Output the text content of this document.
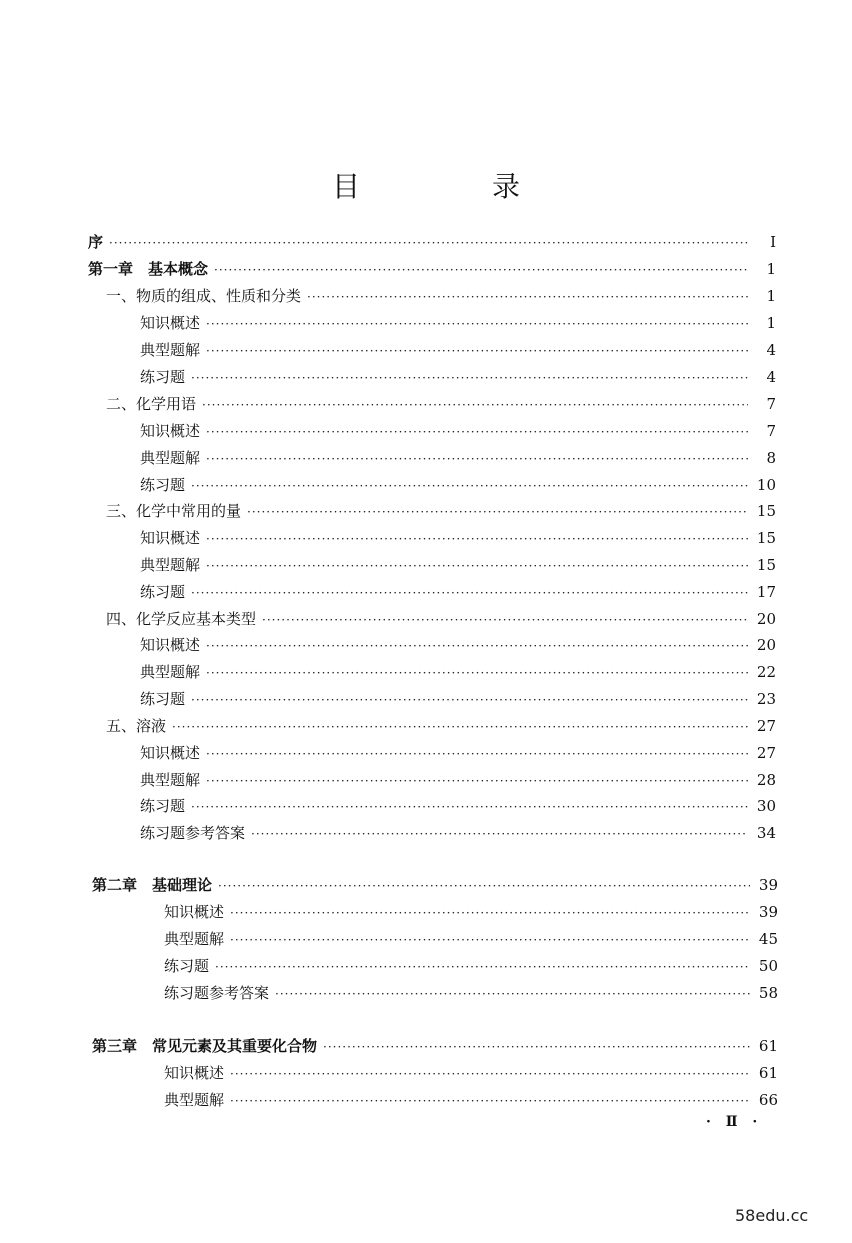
目　录
序 ·····	I
第一章　基本概念 ·····	1
一、物质的组成、性质和分类 ·····	1
知识概述 ·····	1
典型题解 ·····	4
练习题 ·····	4
二、化学用语 ·····	7
知识概述 ·····	7
典型题解 ·····	8
练习题 ·····	10
三、化学中常用的量 ·····	15
知识概述 ·····	15
典型题解 ·····	15
练习题 ·····	17
四、化学反应基本类型 ·····	20
知识概述 ·····	20
典型题解 ·····	22
练习题 ·····	23
五、溶液 ·····	27
知识概述 ·····	27
典型题解 ·····	28
练习题 ·····	30
练习题参考答案 ·····	34
第二章　基础理论 ·····	39
知识概述 ·····	39
典型题解 ·····	45
练习题 ·····	50
练习题参考答案 ·····	58
第三章　常见元素及其重要化合物 ·····	61
知识概述 ·····	61
典型题解 ·····	66
· Ⅱ ·
58edu.cc
